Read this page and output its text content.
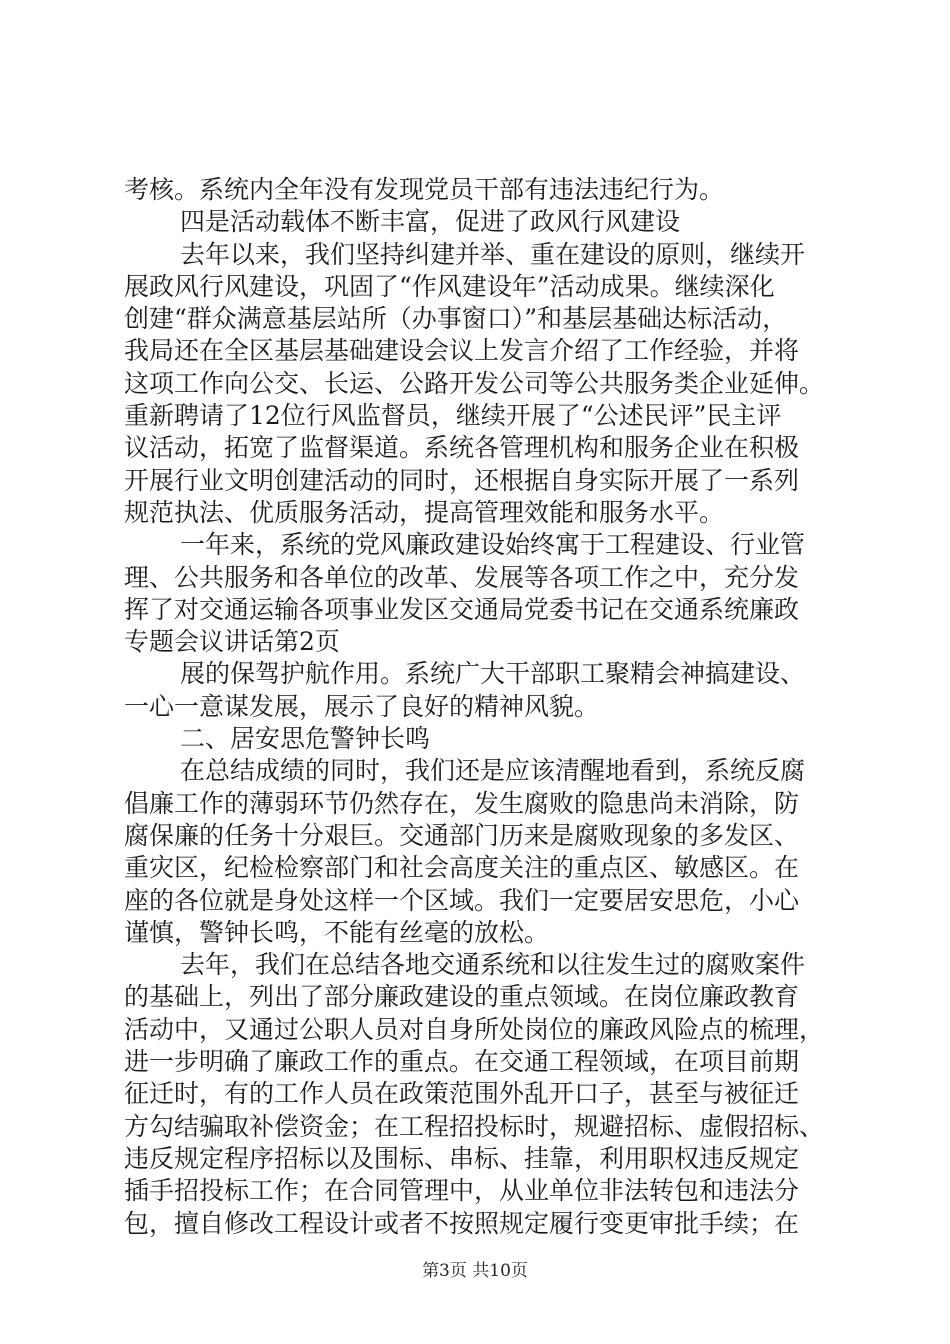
考核。系统内全年没有发现党员干部有违法违纪行为。
四是活动载体不断丰富，促进了政风行风建设
去年以来，我们坚持纠建并举、重在建设的原则，继续开
展政风行风建设，巩固了“作风建设年”活动成果。继续深化
创建“群众满意基层站所（办事窗口）”和基层基础达标活动，
我局还在全区基层基础建设会议上发言介绍了工作经验，并将
这项工作向公交、长运、公路开发公司等公共服务类企业延伸。
重新聘请了12位行风监督员，继续开展了“公述民评”民主评
议活动，拓宽了监督渠道。系统各管理机构和服务企业在积极
开展行业文明创建活动的同时，还根据自身实际开展了一系列
规范执法、优质服务活动，提高管理效能和服务水平。
一年来，系统的党风廉政建设始终寓于工程建设、行业管
理、公共服务和各单位的改革、发展等各项工作之中，充分发
挥了对交通运输各项事业发区交通局党委书记在交通系统廉政
专题会议讲话第2页
展的保驾护航作用。系统广大干部职工聚精会神搞建设、
一心一意谋发展，展示了良好的精神风貌。
二、居安思危警钟长鸣
在总结成绩的同时，我们还是应该清醒地看到，系统反腐
倡廉工作的薄弱环节仍然存在，发生腐败的隐患尚未消除，防
腐保廉的任务十分艰巨。交通部门历来是腐败现象的多发区、
重灾区，纪检检察部门和社会高度关注的重点区、敏感区。在
座的各位就是身处这样一个区域。我们一定要居安思危，小心
谨慎，警钟长鸣，不能有丝毫的放松。
去年，我们在总结各地交通系统和以往发生过的腐败案件
的基础上，列出了部分廉政建设的重点领域。在岗位廉政教育
活动中，又通过公职人员对自身所处岗位的廉政风险点的梳理，
进一步明确了廉政工作的重点。在交通工程领域，在项目前期
征迁时，有的工作人员在政策范围外乱开口子，甚至与被征迁
方勾结骗取补偿资金；在工程招投标时，规避招标、虚假招标、
违反规定程序招标以及围标、串标、挂靠，利用职权违反规定
插手招投标工作；在合同管理中，从业单位非法转包和违法分
包，擅自修改工程设计或者不按照规定履行变更审批手续；在
第3页 共10页
